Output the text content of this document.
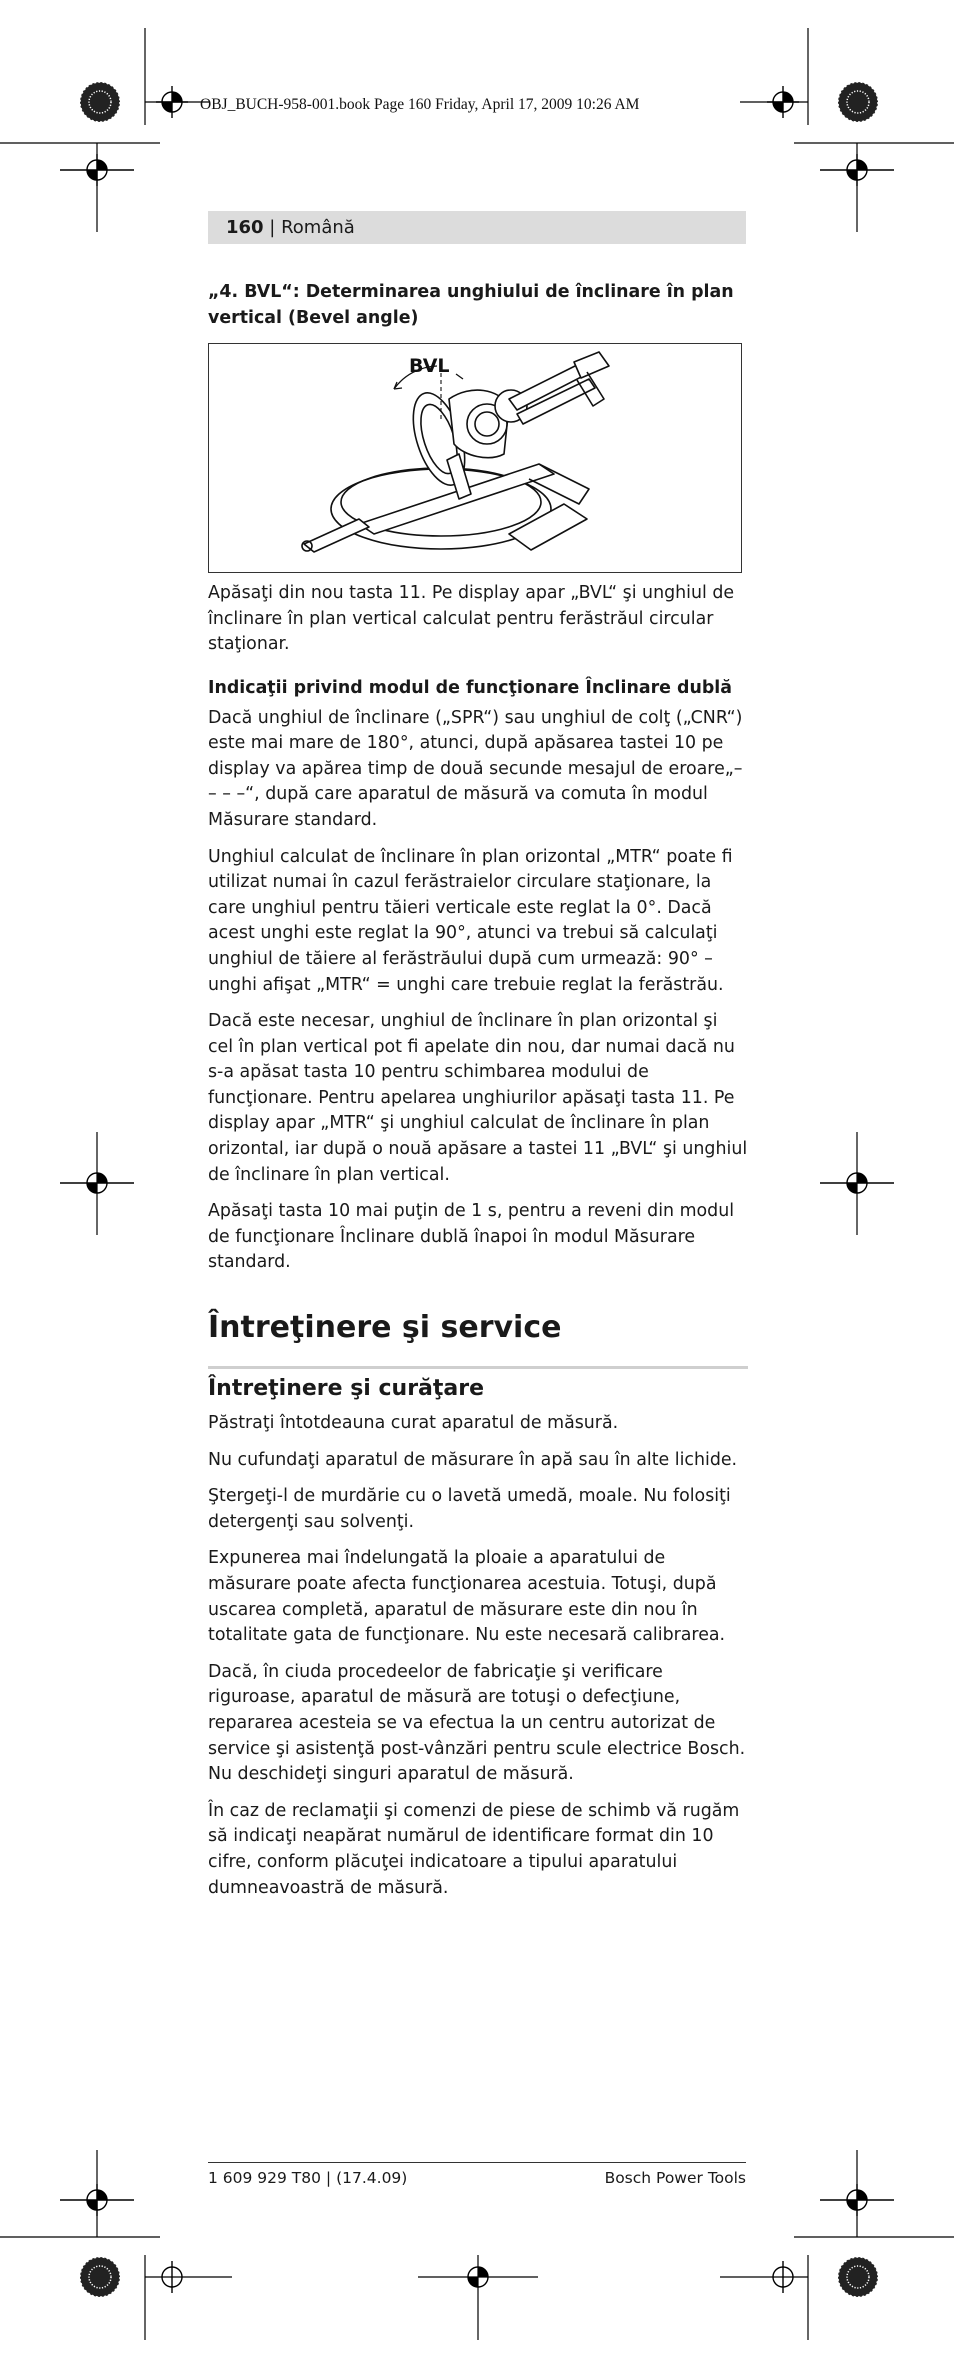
OBJ_BUCH-958-001.book Page 160 Friday, April 17, 2009 10:26 AM
160 | Română
„4. BVL“: Determinarea unghiului de înclinare în plan vertical (Bevel angle)
BVL

Apăsaţi din nou tasta 11. Pe display apar „BVL“ şi unghiul de înclinare în plan vertical calculat pentru ferăstrăul circular staţionar.

Indicaţii privind modul de funcţionare Înclinare dublă

Dacă unghiul de înclinare („SPR“) sau unghiul de colţ („CNR“) este mai mare de 180°, atunci, după apăsarea tastei 10 pe display va apărea timp de două secunde mesajul de eroare„– – – –“, după care aparatul de măsură va comuta în modul Măsurare standard.

Unghiul calculat de înclinare în plan orizontal „MTR“ poate fi utilizat numai în cazul ferăstraielor circulare staţionare, la care unghiul pentru tăieri verticale este reglat la 0°. Dacă acest unghi este reglat la 90°, atunci va trebui să calculaţi unghiul de tăiere al ferăstrăului după cum urmează: 90° – unghi afişat „MTR“ = unghi care trebuie reglat la ferăstrău.

Dacă este necesar, unghiul de înclinare în plan orizontal şi cel în plan vertical pot fi apelate din nou, dar numai dacă nu s-a apăsat tasta 10 pentru schimbarea modului de funcţionare. Pentru apelarea unghiurilor apăsaţi tasta 11. Pe display apar „MTR“ şi unghiul calculat de înclinare în plan orizontal, iar după o nouă apăsare a tastei 11 „BVL“ şi unghiul de înclinare în plan vertical.

Apăsaţi tasta 10 mai puţin de 1 s, pentru a reveni din modul de funcţionare Înclinare dublă înapoi în modul Măsurare standard.

Întreţinere şi service
Întreţinere şi curăţare

Păstraţi întotdeauna curat aparatul de măsură.

Nu cufundaţi aparatul de măsurare în apă sau în alte lichide.

Ştergeţi-l de murdărie cu o lavetă umedă, moale. Nu folosiţi detergenţi sau solvenţi.

Expunerea mai îndelungată la ploaie a aparatului de măsurare poate afecta funcţionarea acestuia. Totuşi, după uscarea completă, aparatul de măsurare este din nou în totalitate gata de funcţionare. Nu este necesară calibrarea.

Dacă, în ciuda procedeelor de fabricaţie şi verificare riguroase, aparatul de măsură are totuşi o defecţiune, repararea acesteia se va efectua la un centru autorizat de service şi asistenţă post-vânzări pentru scule electrice Bosch. Nu deschideţi singuri aparatul de măsură.

În caz de reclamaţii şi comenzi de piese de schimb vă rugăm să indicaţi neapărat numărul de identificare format din 10 cifre, conform plăcuţei indicatoare a tipului aparatului dumneavoastră de măsură.

1 609 929 T80 | (17.4.09)	Bosch Power Tools
